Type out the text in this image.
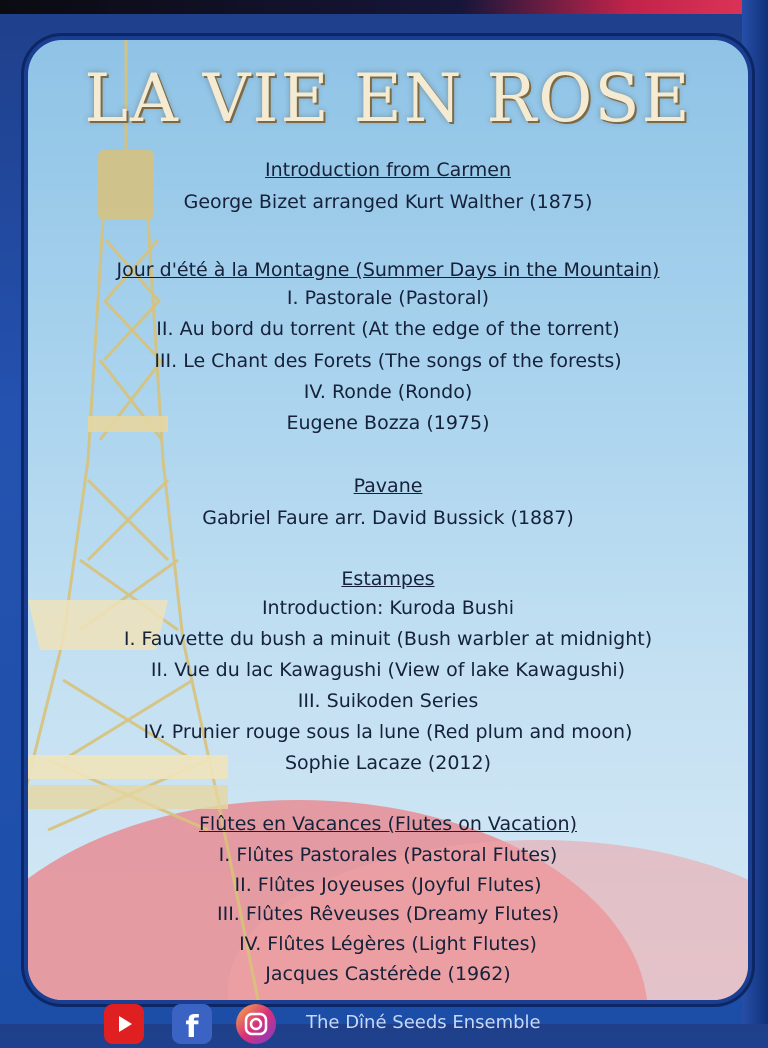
LA VIE EN ROSE
Introduction from Carmen
George Bizet arranged Kurt Walther (1875)
Jour d'été à la Montagne (Summer Days in the Mountain)
I. Pastorale (Pastoral)
II. Au bord du torrent (At the edge of the torrent)
III. Le Chant des Forets (The songs of the forests)
IV. Ronde (Rondo)
Eugene Bozza (1975)
Pavane
Gabriel Faure arr. David Bussick (1887)
Estampes
Introduction: Kuroda Bushi
I. Fauvette du bush a minuit (Bush warbler at midnight)
II. Vue du lac Kawagushi (View of lake Kawagushi)
III. Suikoden Series
IV. Prunier rouge sous la lune (Red plum and moon)
Sophie Lacaze (2012)
Flûtes en Vacances (Flutes on Vacation)
I. Flûtes Pastorales (Pastoral Flutes)
II. Flûtes Joyeuses (Joyful Flutes)
III. Flûtes Rêveuses (Dreamy Flutes)
IV. Flûtes Légères (Light Flutes)
Jacques Castérède (1962)
f	The Dîné Seeds Ensemble
